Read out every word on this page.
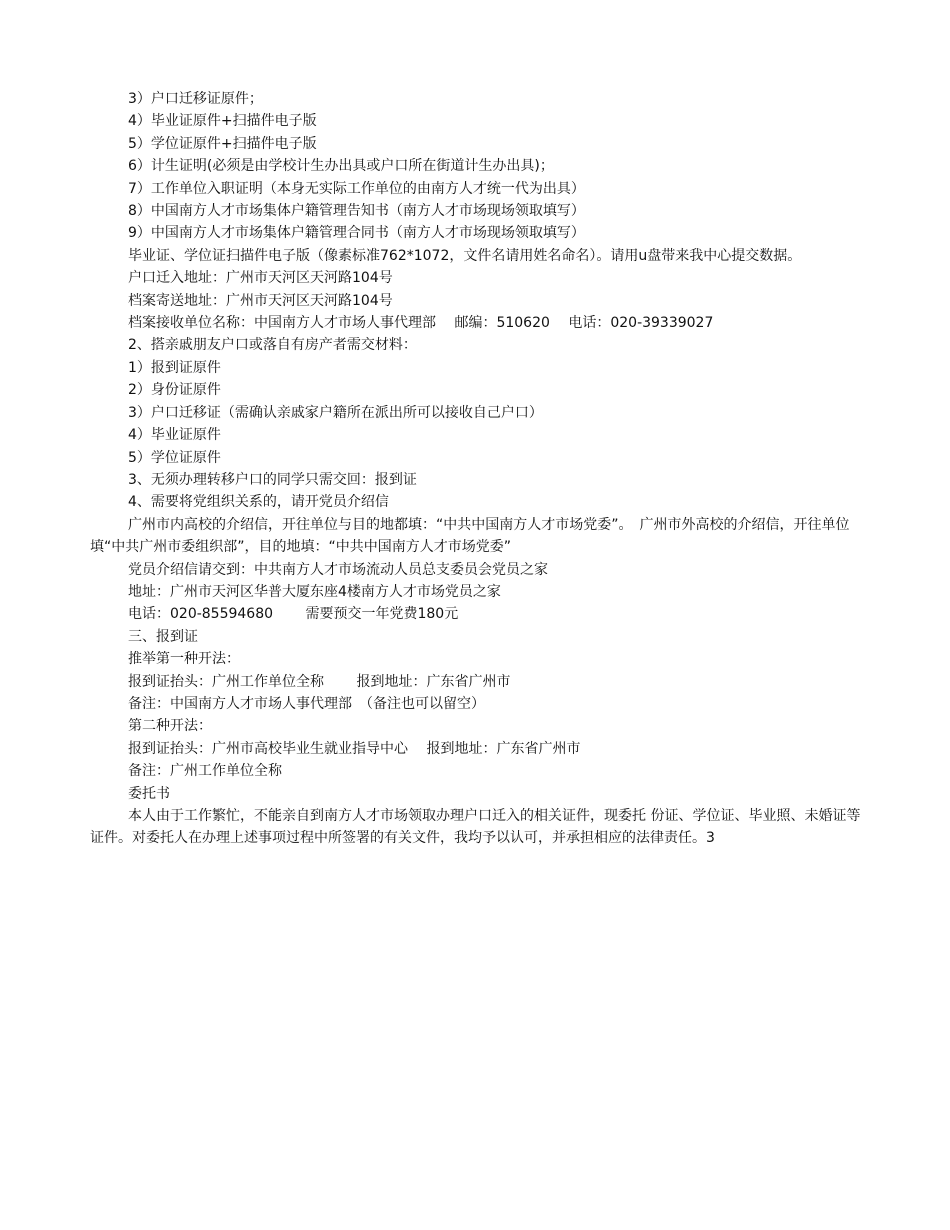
3）户口迁移证原件；

4）毕业证原件+扫描件电子版

5）学位证原件+扫描件电子版

6）计生证明(必须是由学校计生办出具或户口所在街道计生办出具)；

7）工作单位入职证明（本身无实际工作单位的由南方人才统一代为出具）

8）中国南方人才市场集体户籍管理告知书（南方人才市场现场领取填写）

9）中国南方人才市场集体户籍管理合同书（南方人才市场现场领取填写）

毕业证、学位证扫描件电子版（像素标准762*1072，文件名请用姓名命名）。请用u盘带来我中心提交数据。

户口迁入地址：广州市天河区天河路104号

档案寄送地址：广州市天河区天河路104号

档案接收单位名称：中国南方人才市场人事代理部　 邮编：510620　 电话：020-39339027

2、搭亲戚朋友户口或落自有房产者需交材料：

1）报到证原件

2）身份证原件

3）户口迁移证（需确认亲戚家户籍所在派出所可以接收自己户口）

4）毕业证原件

5）学位证原件

3、无须办理转移户口的同学只需交回：报到证

4、需要将党组织关系的，请开党员介绍信

广州市内高校的介绍信，开往单位与目的地都填：“中共中国南方人才市场党委”。　广州市外高校的介绍信，开往单位填“中共广州市委组织部”，目的地填：“中共中国南方人才市场党委”

党员介绍信请交到：中共南方人才市场流动人员总支委员会党员之家

地址：广州市天河区华普大厦东座4楼南方人才市场党员之家

电话：020-85594680　　 需要预交一年党费180元

三、报到证

推举第一种开法：

报到证抬头：广州工作单位全称　　 报到地址：广东省广州市

备注：中国南方人才市场人事代理部　（备注也可以留空）

第二种开法：

报到证抬头：广州市高校毕业生就业指导中心　 报到地址：广东省广州市

备注：广州工作单位全称

委托书

本人由于工作繁忙，不能亲自到南方人才市场领取办理户口迁入的相关证件，现委托 份证、学位证、毕业照、未婚证等证件。对委托人在办理上述事项过程中所签署的有关文件，我均予以认可，并承担相应的法律责任。3
